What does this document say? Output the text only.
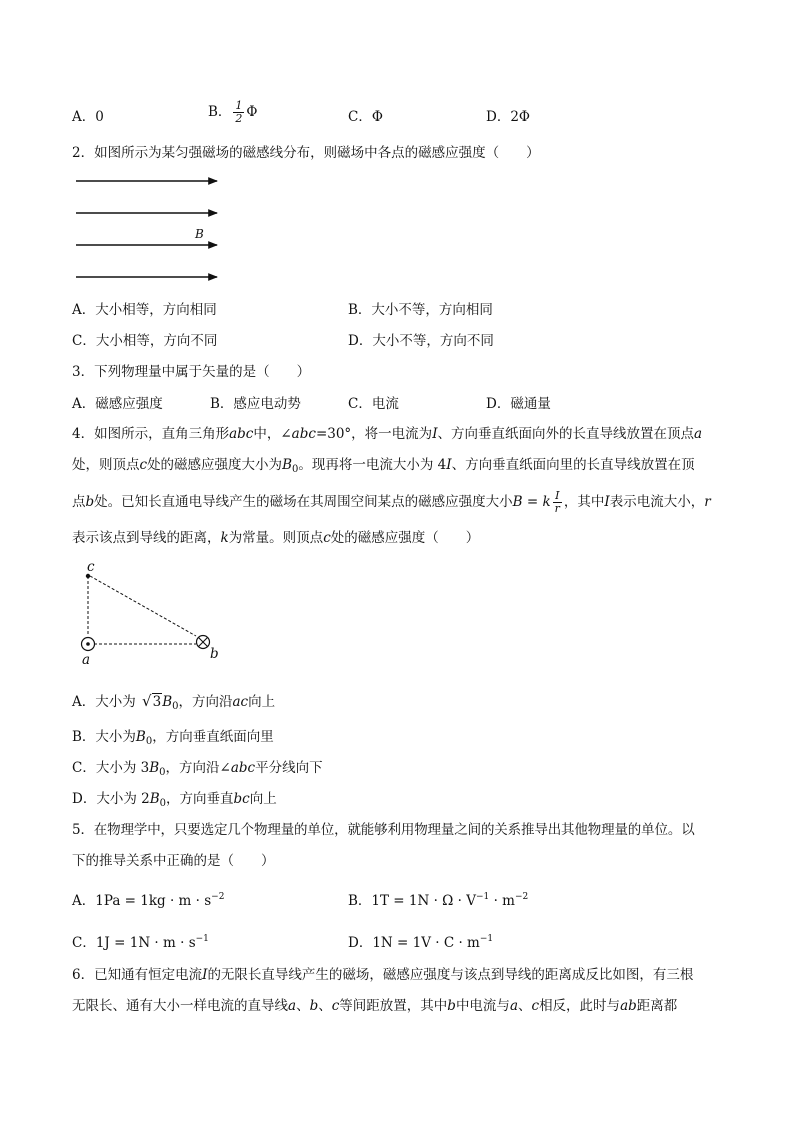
A．0	B． $\frac{1}{2}$ Φ	C．Φ	D．2Φ
2．如图所示为某匀强磁场的磁感线分布，则磁场中各点的磁感应强度（　　）
B
A．大小相等，方向相同	B．大小不等，方向相同
C．大小相等，方向不同	D．大小不等，方向不同
3．下列物理量中属于矢量的是（　　）
A．磁感应强度	B．感应电动势	C．电流	D．磁通量
4．如图所示，直角三角形abc中，∠abc=30°，将一电流为I、方向垂直纸面向外的长直导线放置在顶点a
处，则顶点c处的磁感应强度大小为$B_0$。现再将一电流大小为 4I、方向垂直纸面向里的长直导线放置在顶
点b处。已知长直通电导线产生的磁场在其周围空间某点的磁感应强度大小B = k $\frac{I}{r}$ ，其中I表示电流大小，r
表示该点到导线的距离，k为常量。则顶点c处的磁感应强度（　　）
c
a	b
A．大小为 $√3B_0$，方向沿ac向上
B．大小为$B_0$，方向垂直纸面向里
C．大小为 $3B_0$，方向沿∠abc平分线向下
D．大小为 $2B_0$，方向垂直bc向上
5．在物理学中，只要选定几个物理量的单位，就能够利用物理量之间的关系推导出其他物理量的单位。以
下的推导关系中正确的是（　　）
A．$1Pa = 1kg \cdot m \cdot s^{-2}$	B．$1T = 1N \cdot \Omega \cdot V^{-1} \cdot m^{-2}$
C．$1J = 1N \cdot m \cdot s^{-1}$	D．$1N = 1V \cdot C \cdot m^{-1}$
6．已知通有恒定电流I的无限长直导线产生的磁场，磁感应强度与该点到导线的距离成反比如图，有三根
无限长、通有大小一样电流的直导线a、b、c等间距放置，其中b中电流与a、c相反，此时与ab距离都
